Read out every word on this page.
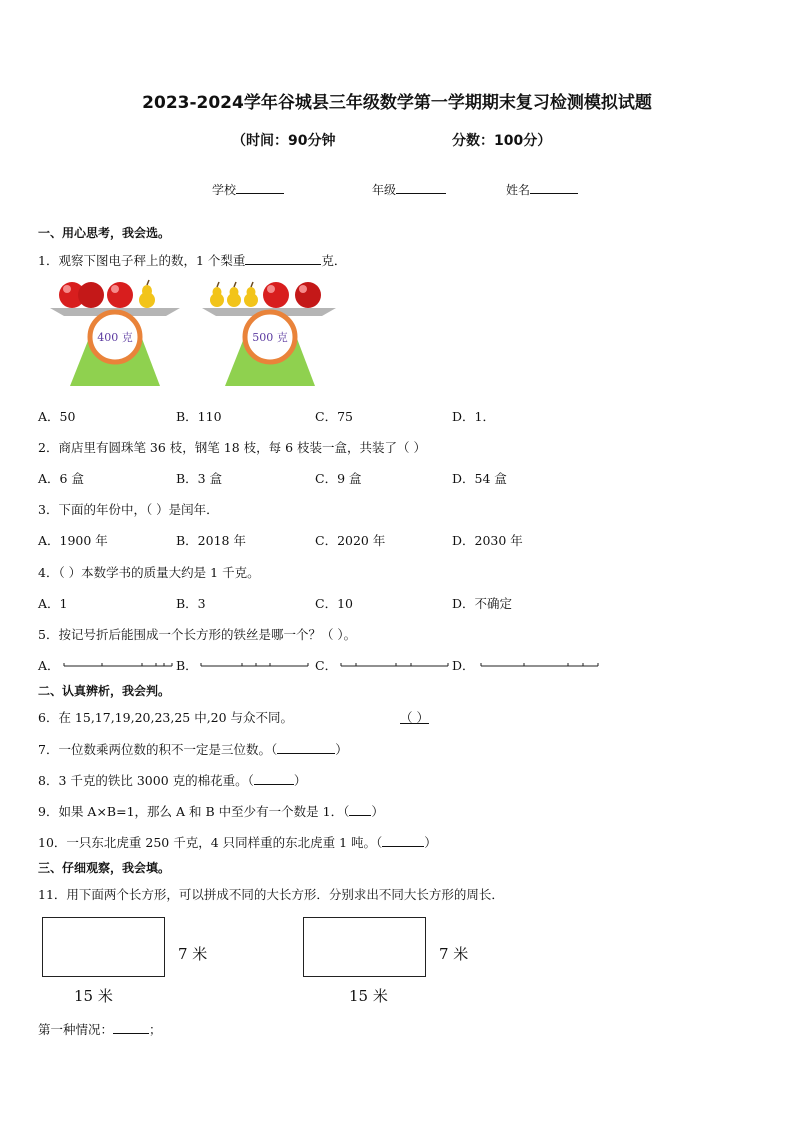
2023-2024学年谷城县三年级数学第一学期期末复习检测模拟试题
（时间：90分钟	分数：100分）
学校	年级	姓名
一、用心思考，我会选。
1．观察下图电子秤上的数，1 个梨重	克．
400 克	500 克
A．50	B．110	C．75	D．1．
2．商店里有圆珠笔 36 枝，钢笔 18 枝，每 6 枝装一盒，共装了（ ）
A．6 盒	B．3 盒	C．9 盒	D．54 盒
3．下面的年份中，（ ）是闰年．
A．1900 年	B．2018 年	C．2020 年	D．2030 年
4．（ ）本数学书的质量大约是 1 千克。
A．1	B．3	C．10	D．不确定
5．按记号折后能围成一个长方形的铁丝是哪一个？（ ）。
A．	B．	C．	D．
二、认真辨析，我会判。
6．在 15,17,19,20,23,25 中,20 与众不同。	（ ）
7．一位数乘两位数的积不一定是三位数。（	）
8．3 千克的铁比 3000 克的棉花重。（	）
9．如果 A×B=1，那么 A 和 B 中至少有一个数是 1．（ ）
10．一只东北虎重 250 千克，4 只同样重的东北虎重 1 吨。（	）
三、仔细观察，我会填。
11．用下面两个长方形，可以拼成不同的大长方形．分别求出不同大长方形的周长．
7 米
15 米
7 米
15 米
第一种情况：	；
